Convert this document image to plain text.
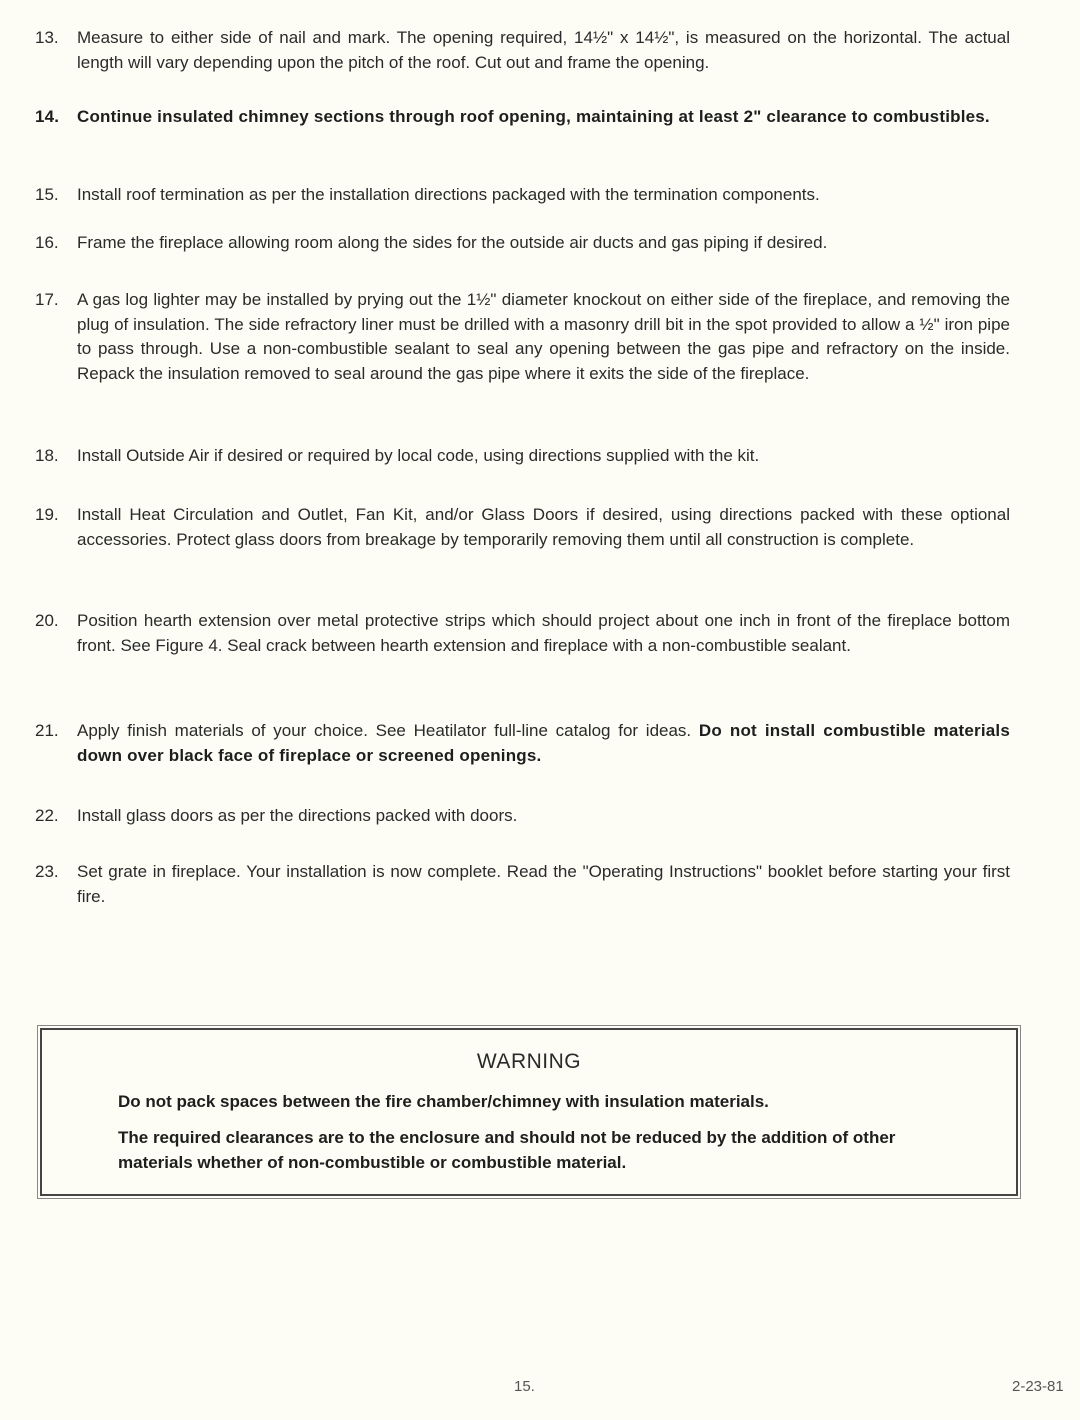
13.	Measure to either side of nail and mark. The opening required, 14½" x 14½", is measured on the horizontal. The actual length will vary depending upon the pitch of the roof. Cut out and frame the opening.
14.	Continue insulated chimney sections through roof opening, maintaining at least 2" clearance to combustibles.
15.	Install roof termination as per the installation directions packaged with the termination components.
16.	Frame the fireplace allowing room along the sides for the outside air ducts and gas piping if desired.
17.	A gas log lighter may be installed by prying out the 1½" diameter knockout on either side of the fireplace, and removing the plug of insulation. The side refractory liner must be drilled with a masonry drill bit in the spot provided to allow a ½" iron pipe to pass through. Use a non-combustible sealant to seal any opening between the gas pipe and refractory on the inside. Repack the insulation removed to seal around the gas pipe where it exits the side of the fireplace.
18.	Install Outside Air if desired or required by local code, using directions supplied with the kit.
19.	Install Heat Circulation and Outlet, Fan Kit, and/or Glass Doors if desired, using directions packed with these optional accessories. Protect glass doors from breakage by temporarily removing them until all construction is complete.
20.	Position hearth extension over metal protective strips which should project about one inch in front of the fireplace bottom front. See Figure 4. Seal crack between hearth extension and fireplace with a non-combustible sealant.
21.	Apply finish materials of your choice. See Heatilator full-line catalog for ideas. Do not install combustible materials down over black face of fireplace or screened openings.
22.	Install glass doors as per the directions packed with doors.
23.	Set grate in fireplace. Your installation is now complete. Read the "Operating Instructions" booklet before starting your first fire.
WARNING
Do not pack spaces between the fire chamber/chimney with insulation materials.
The required clearances are to the enclosure and should not be reduced by the addition of other materials whether of non-combustible or combustible material.
15.	2-23-81
